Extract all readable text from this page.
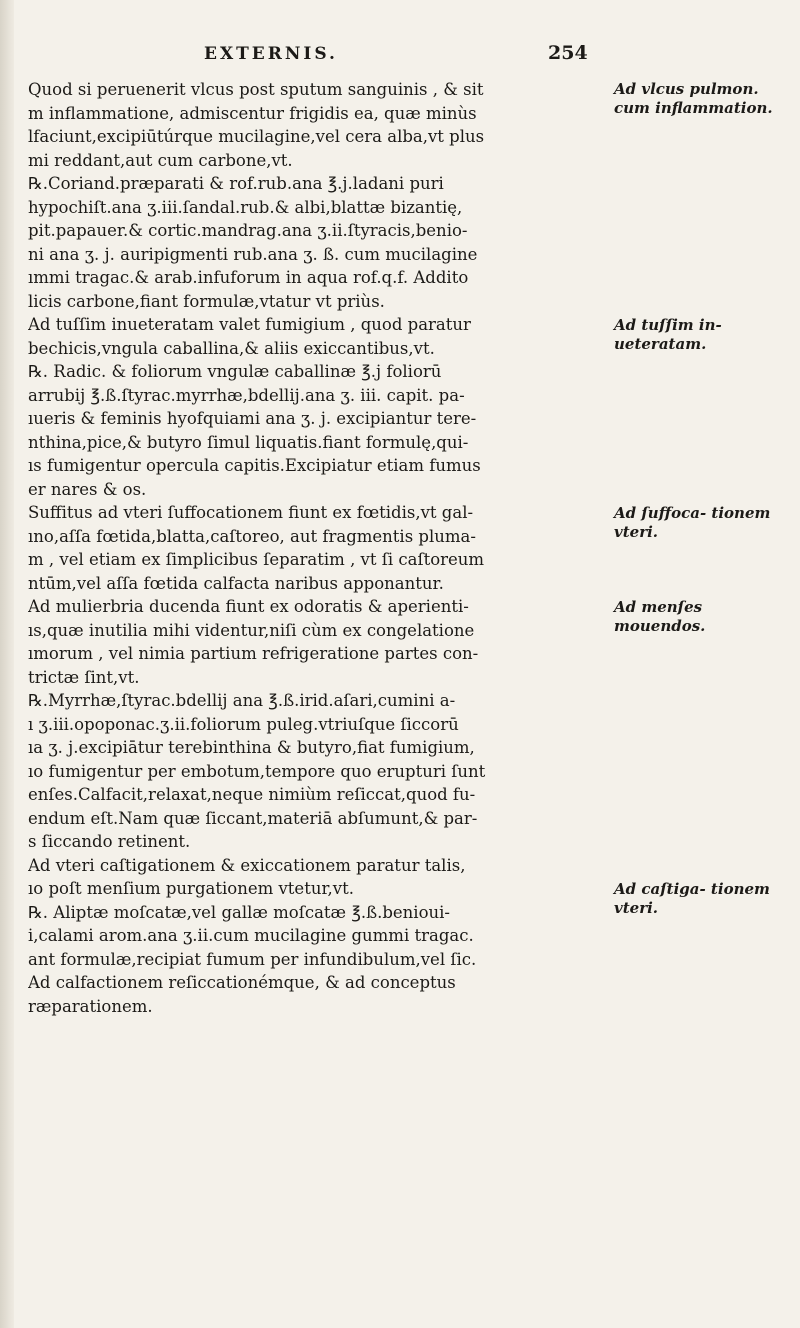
EXTERNIS.	254
Quod si peruenerit vlcus post sputum sanguinis , & sit
m inflammatione, admiscentur frigidis ea, quæ minùs
lfaciunt,excipiūtúrque mucilagine,vel cera alba,vt plus
mi reddant,aut cum carbone,vt.
℞.Coriand.præparati & rof.rub.ana ℥.j.ladani puri
hypochiſt.ana ʒ.iii.ſandal.rub.& albi,blattæ bizantię,
pit.papauer.& cortic.mandrag.ana ʒ.ii.ſtyracis,benio-
ni ana ʒ. j. auripigmenti rub.ana ʒ. ß. cum mucilagine
ımmi tragac.& arab.infuforum in aqua rof.q.f. Addito
licis carbone,fiant formulæ,vtatur vt priùs.
Ad tuſſim inueteratam valet fumigium , quod paratur
bechicis,vngula caballina,& aliis exiccantibus,vt.
℞. Radic. & foliorum vngulæ caballinæ ℥.j foliorū
arrubij ℥.ß.ſtyrac.myrrhæ,bdellij.ana ʒ. iii. capit. pa-
ıueris & feminis hyofquiami ana ʒ. j. excipiantur tere-
nthina,pice,& butyro ſimul liquatis.fiant formulę,qui-
ıs fumigentur opercula capitis.Excipiatur etiam fumus
er nares & os.
Suffitus ad vteri ſuffocationem fiunt ex fœtidis,vt gal-
ıno,aſſa fœtida,blatta,caſtoreo, aut fragmentis pluma-
m , vel etiam ex ſimplicibus ſeparatim , vt ſi caſtoreum
ntūm,vel aſſa fœtida calfacta naribus apponantur.
Ad mulierbria ducenda fiunt ex odoratis & aperienti-
ıs,quæ inutilia mihi videntur,niſi cùm ex congelatione
ımorum , vel nimia partium refrigeratione partes con-
trictæ ſint,vt.
℞.Myrrhæ,ſtyrac.bdellij ana ℥.ß.irid.aſari,cumini a-
ı ʒ.iii.opoponac.ʒ.ii.foliorum puleg.vtriuſque ſiccorū
ıa ʒ. j.excipiātur terebinthina & butyro,fiat fumigium,
ıo fumigentur per embotum,tempore quo erupturi ſunt
enſes.Calfacit,relaxat,neque nimiùm reſiccat,quod fu-
endum eſt.Nam quæ ſiccant,materiā abſumunt,& par-
s ſiccando retinent.
Ad vteri caſtigationem & exiccationem paratur talis,
ıo poſt menſium purgationem vtetur,vt.
℞. Aliptæ moſcatæ,vel gallæ moſcatæ ℥.ß.benioui-
i,calami arom.ana ʒ.ii.cum mucilagine gummi tragac.
ant formulæ,recipiat fumum per infundibulum,vel ſic.
Ad calfactionem reſiccationémque, & ad conceptus
ræparationem.
Ad vlcus pulmon. cum inflammation.
Ad tuſſim in- ueteratam.
Ad ſuffoca- tionem vteri.
Ad menſes mouendos.
Ad caſtiga- tionem vteri.
